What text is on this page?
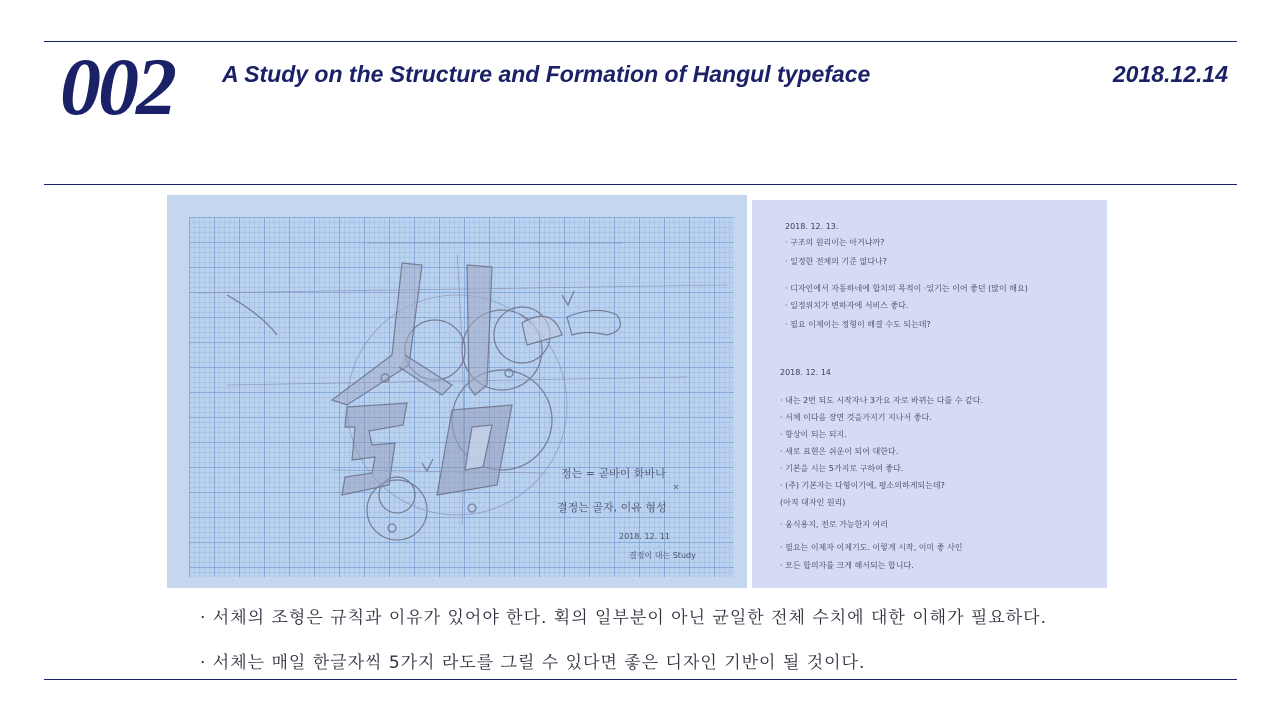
002 A Study on the Structure and Formation of Hangul typeface	2018.12.14
정는 = 곧바이 화바나
결정는 골자, 이유 형성
2018. 12. 11
결정이 대는 Study
2018. 12. 13.
· 구조의 원리이는 아거냐까?
· 일정한 전체의 기준 없다나?
· 디자인에서 자동하네에 합치의 목적이 ·있기는 이어 좋던 (많이 해요)
· 일정위치가 변하자에 서비스 좋다.
· 필요 이제이는 정형이 해결 수도 되는데?
2018. 12. 14
· 내는 2번 되도 시작자나 3가요 자로 바뀌는 다를 수 같다.
· 서체 이다음 장면 것을가지기 지나서 좋다.
· 항상이 되는 되지.
· 새로 표현은 쉬운이 되어 대한다.
· 기본을 시는 5가지로 구하여 좋다.
· (주) 기본자는 다형이기에, 평소의하게되는데?
(아직 대자인 원리)
· 움식용지, 전로 가능한지 여러
· 필요는 이제자 이제기도. 이렇게 시작, 이미 좋 사인
· 모든 합의자를 크게 해서되는 합니다.
· 서체의 조형은 규칙과 이유가 있어야 한다. 획의 일부분이 아닌 균일한 전체 수치에 대한 이해가 필요하다.
· 서체는 매일 한글자씩 5가지 라도를 그릴 수 있다면 좋은 디자인 기반이 될 것이다.
